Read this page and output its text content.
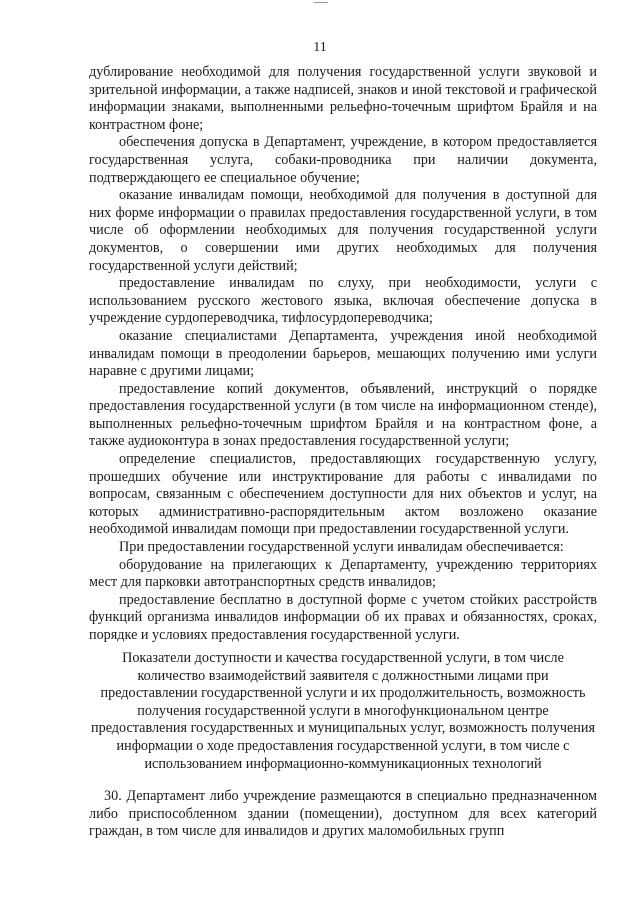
11

дублирование необходимой для получения государственной услуги звуковой и зрительной информации, а также надписей, знаков и иной текстовой и графической информации знаками, выполненными рельефно-точечным шрифтом Брайля и на контрастном фоне;

обеспечения допуска в Департамент, учреждение, в котором предоставляется государственная услуга, собаки-проводника при наличии документа, подтверждающего ее специальное обучение;

оказание инвалидам помощи, необходимой для получения в доступной для них форме информации о правилах предоставления государственной услуги, в том числе об оформлении необходимых для получения государственной услуги документов, о совершении ими других необходимых для получения государственной услуги действий;

предоставление инвалидам по слуху, при необходимости, услуги с использованием русского жестового языка, включая обеспечение допуска в учреждение сурдопереводчика, тифлосурдопереводчика;

оказание специалистами Департамента, учреждения иной необходимой инвалидам помощи в преодолении барьеров, мешающих получению ими услуги наравне с другими лицами;

предоставление копий документов, объявлений, инструкций о порядке предоставления государственной услуги (в том числе на информационном стенде), выполненных рельефно-точечным шрифтом Брайля и на контрастном фоне, а также аудиоконтура в зонах предоставления государственной услуги;

определение специалистов, предоставляющих государственную услугу, прошедших обучение или инструктирование для работы с инвалидами по вопросам, связанным с обеспечением доступности для них объектов и услуг, на которых административно-распорядительным актом возложено оказание необходимой инвалидам помощи при предоставлении государственной услуги.

При предоставлении государственной услуги инвалидам обеспечивается:

оборудование на прилегающих к Департаменту, учреждению территориях мест для парковки автотранспортных средств инвалидов;

предоставление бесплатно в доступной форме с учетом стойких расстройств функций организма инвалидов информации об их правах и обязанностях, сроках, порядке и условиях предоставления государственной услуги.

Показатели доступности и качества государственной услуги, в том числе количество взаимодействий заявителя с должностными лицами при предоставлении государственной услуги и их продолжительность, возможность получения государственной услуги в многофункциональном центре предоставления государственных и муниципальных услуг, возможность получения информации о ходе предоставления государственной услуги, в том числе с использованием информационно-коммуникационных технологий

30. Департамент либо учреждение размещаются в специально предназначенном либо приспособленном здании (помещении), доступном для всех категорий граждан, в том числе для инвалидов и других маломобильных групп
